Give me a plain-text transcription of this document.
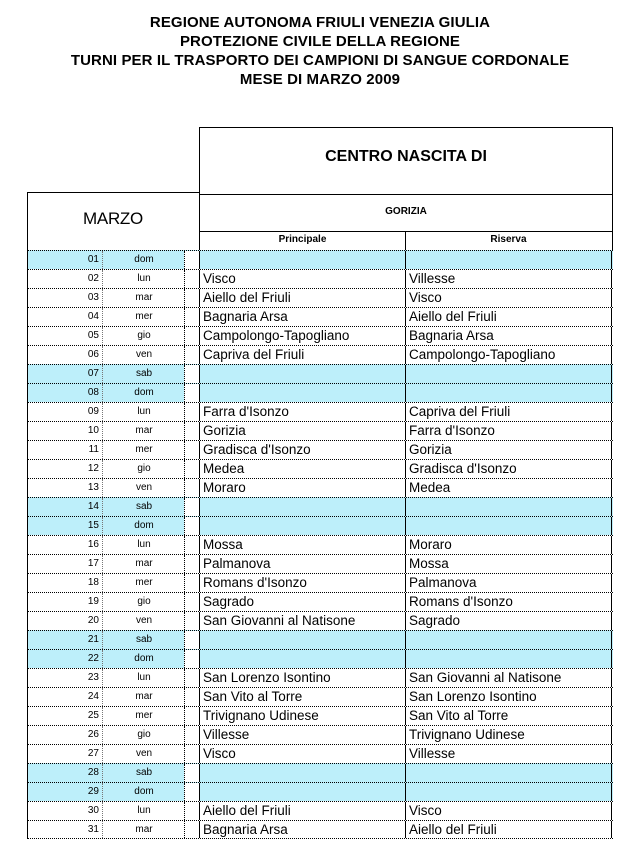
REGIONE AUTONOMA FRIULI VENEZIA GIULIA
PROTEZIONE CIVILE DELLA REGIONE
TURNI PER IL TRASPORTO DEI CAMPIONI DI SANGUE CORDONALE
MESE DI MARZO 2009
CENTRO NASCITA DI
GORIZIA
Principale	Riserva
MARZO
01	dom
02	lun	Visco	Villesse
03	mar	Aiello del Friuli	Visco
04	mer	Bagnaria Arsa	Aiello del Friuli
05	gio	Campolongo-Tapogliano	Bagnaria Arsa
06	ven	Capriva del Friuli	Campolongo-Tapogliano
07	sab
08	dom
09	lun	Farra d'Isonzo	Capriva del Friuli
10	mar	Gorizia	Farra d'Isonzo
11	mer	Gradisca d'Isonzo	Gorizia
12	gio	Medea	Gradisca d'Isonzo
13	ven	Moraro	Medea
14	sab
15	dom
16	lun	Mossa	Moraro
17	mar	Palmanova	Mossa
18	mer	Romans d'Isonzo	Palmanova
19	gio	Sagrado	Romans d'Isonzo
20	ven	San Giovanni al Natisone	Sagrado
21	sab
22	dom
23	lun	San Lorenzo Isontino	San Giovanni al Natisone
24	mar	San Vito al Torre	San Lorenzo Isontino
25	mer	Trivignano Udinese	San Vito al Torre
26	gio	Villesse	Trivignano Udinese
27	ven	Visco	Villesse
28	sab
29	dom
30	lun	Aiello del Friuli	Visco
31	mar	Bagnaria Arsa	Aiello del Friuli
